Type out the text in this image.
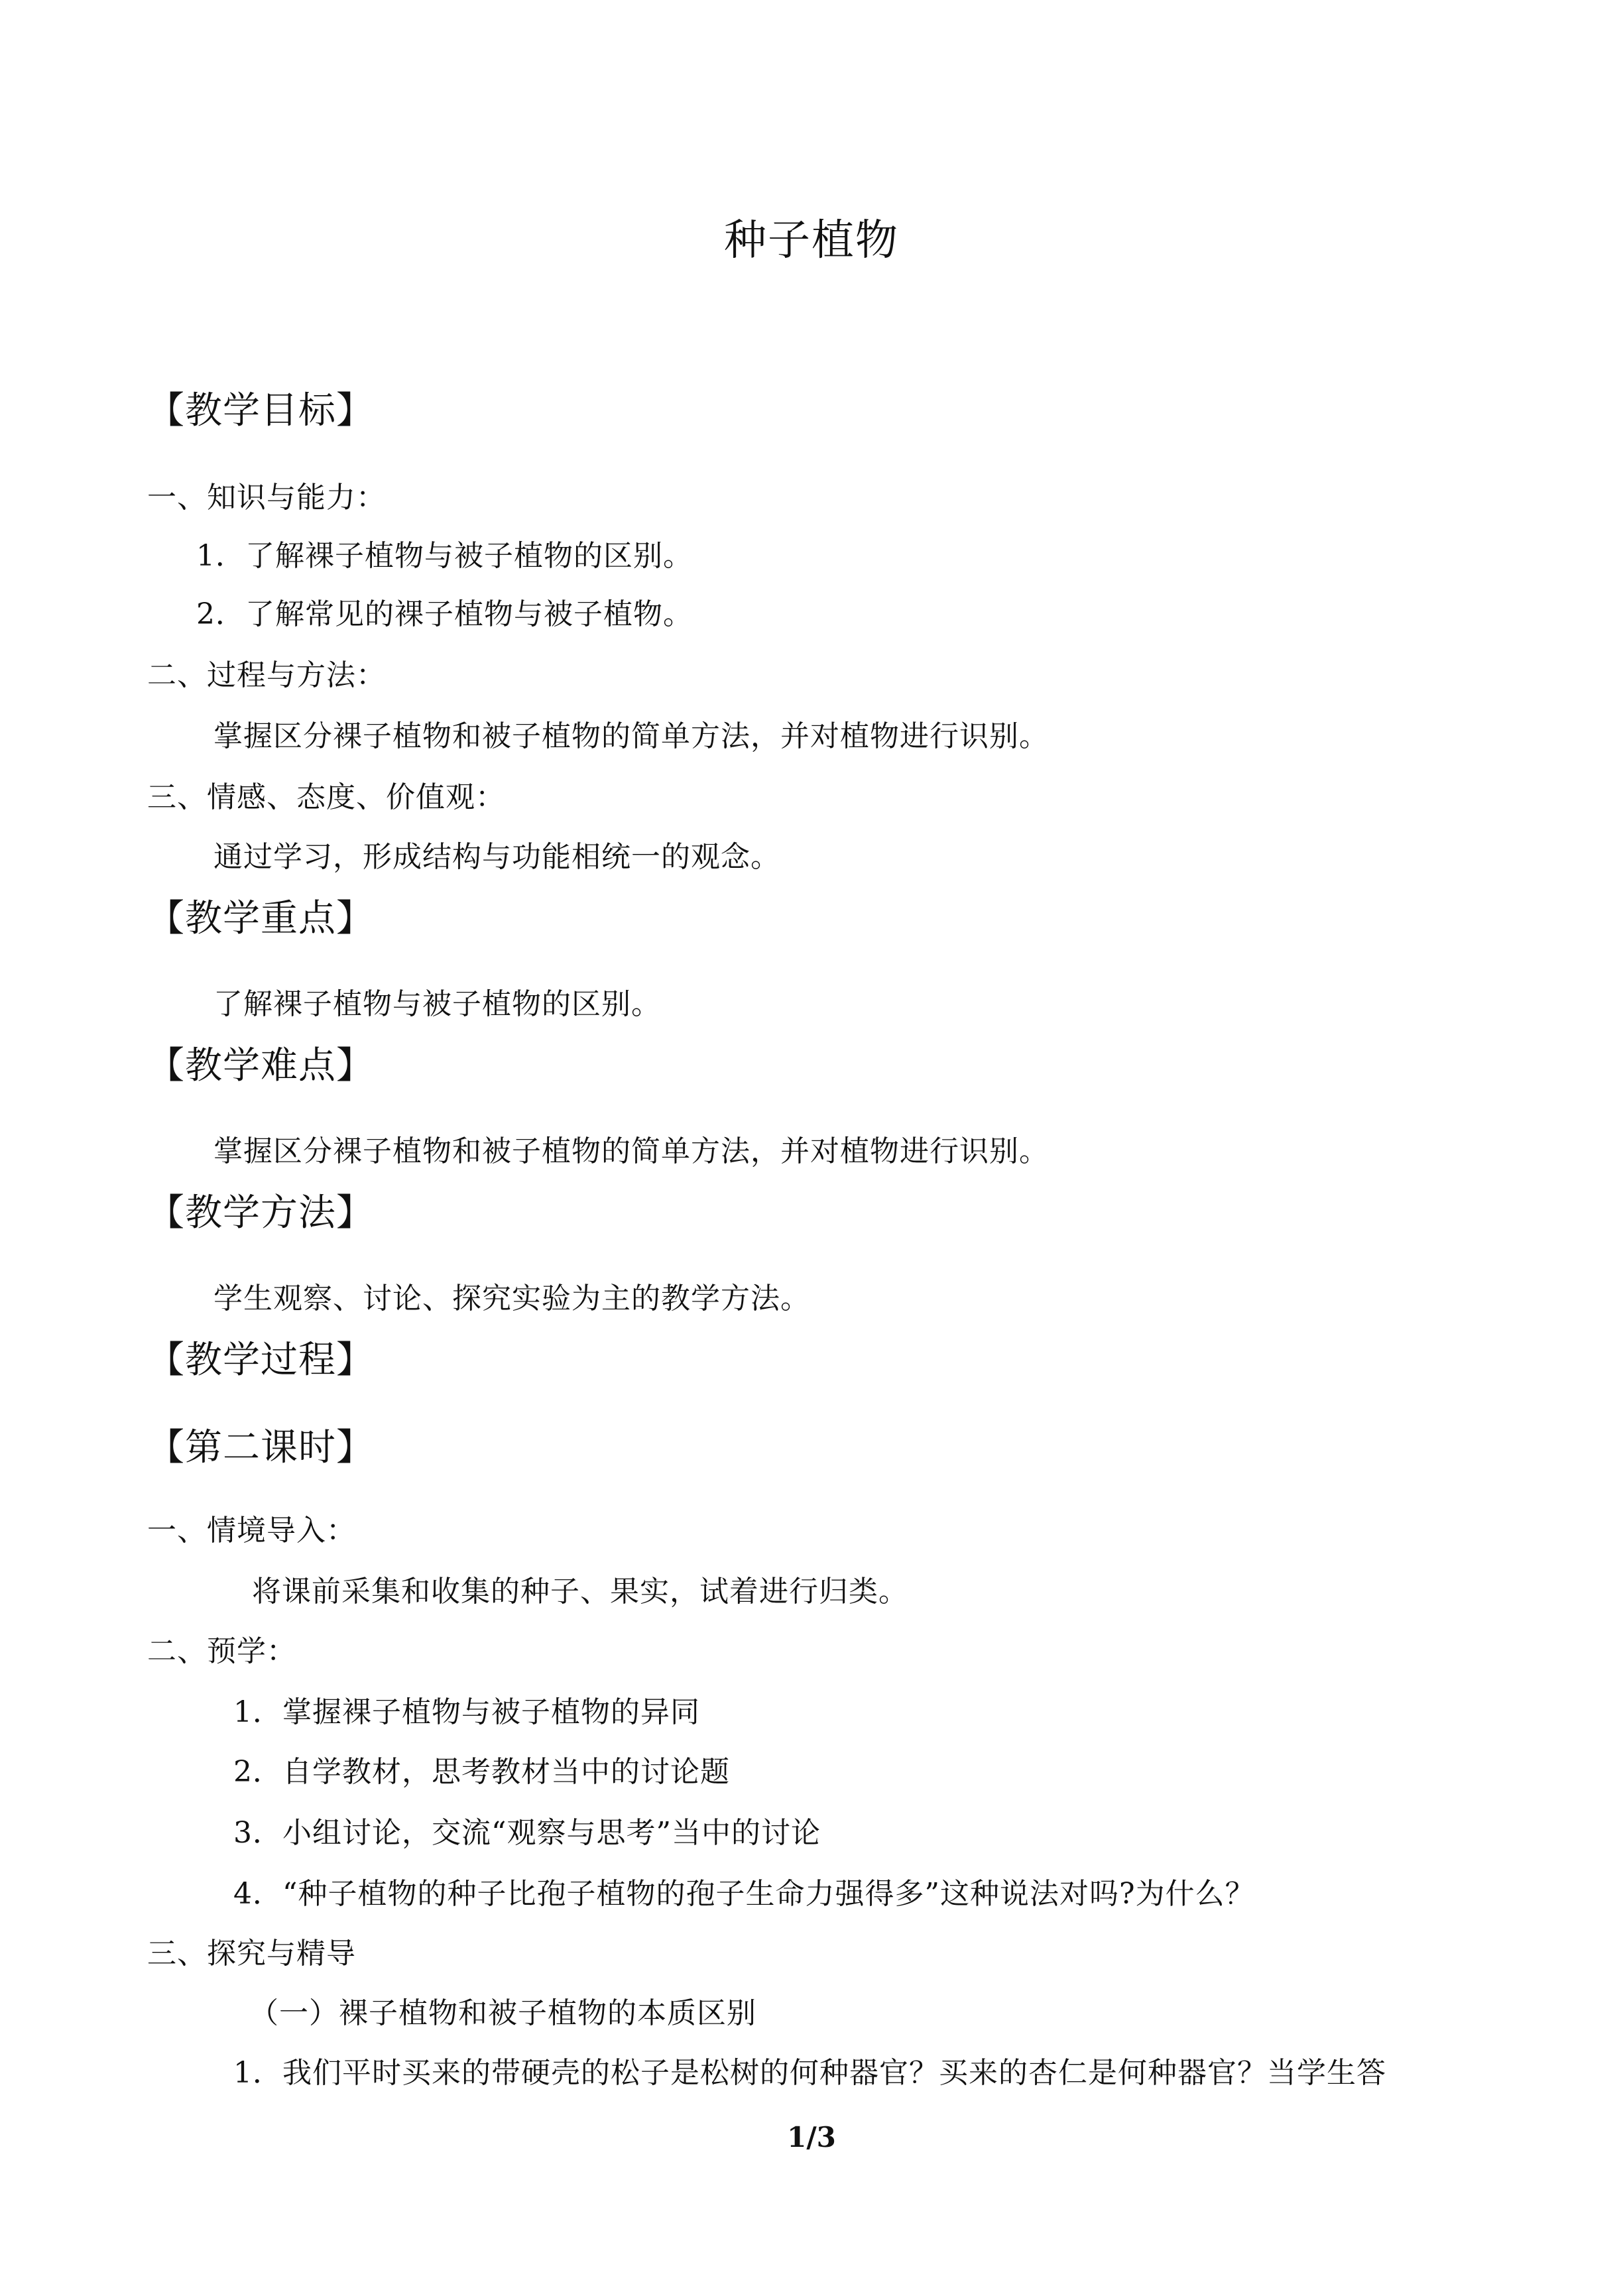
种子植物
【教学目标】
一、知识与能力：
1．了解裸子植物与被子植物的区别。
2．了解常见的裸子植物与被子植物。
二、过程与方法：
掌握区分裸子植物和被子植物的简单方法，并对植物进行识别。
三、情感、态度、价值观：
通过学习，形成结构与功能相统一的观念。
【教学重点】
了解裸子植物与被子植物的区别。
【教学难点】
掌握区分裸子植物和被子植物的简单方法，并对植物进行识别。
【教学方法】
学生观察、讨论、探究实验为主的教学方法。
【教学过程】
【第二课时】
一、情境导入：
将课前采集和收集的种子、果实，试着进行归类。
二、预学：
1．掌握裸子植物与被子植物的异同
2．自学教材，思考教材当中的讨论题
3．小组讨论，交流“观察与思考”当中的讨论
4．“种子植物的种子比孢子植物的孢子生命力强得多”这种说法对吗?为什么？
三、探究与精导
（一）裸子植物和被子植物的本质区别
1．我们平时买来的带硬壳的松子是松树的何种器官？买来的杏仁是何种器官？当学生答
1/3
